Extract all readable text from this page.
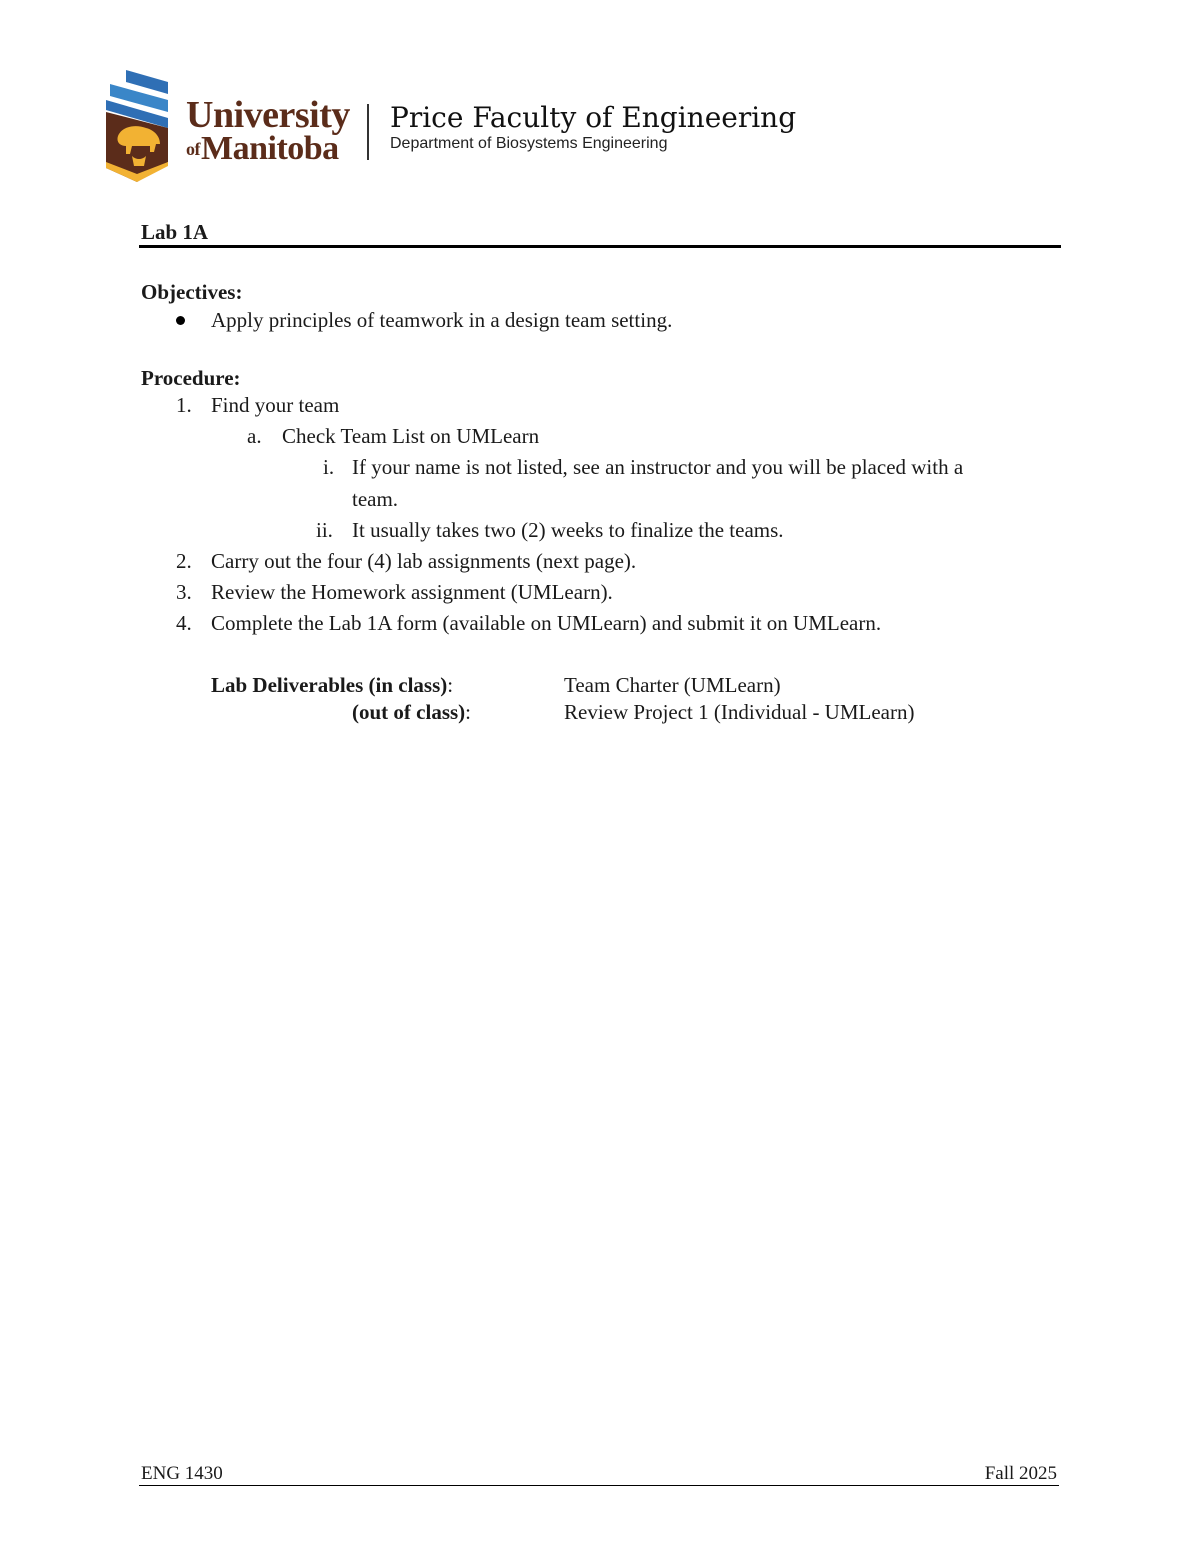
University
ofManitoba
Price Faculty of Engineering
Department of Biosystems Engineering
Lab 1A
Objectives:
Apply principles of teamwork in a design team setting.
Procedure:
1. Find your team
a. Check Team List on UMLearn
i. If your name is not listed, see an instructor and you will be placed with a
team.
ii. It usually takes two (2) weeks to finalize the teams.
2. Carry out the four (4) lab assignments (next page).
3. Review the Homework assignment (UMLearn).
4. Complete the Lab 1A form (available on UMLearn) and submit it on UMLearn.
Lab Deliverables (in class):	Team Charter (UMLearn)
(out of class):	Review Project 1 (Individual - UMLearn)
ENG 1430	Fall 2025
